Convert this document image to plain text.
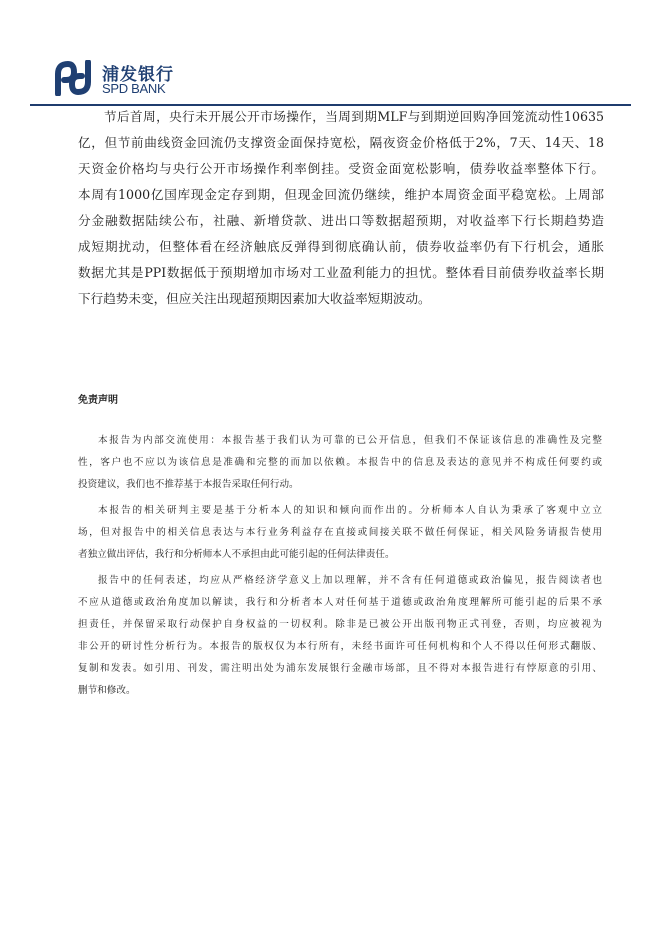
浦发银行
SPD BANK
节后首周，央行未开展公开市场操作，当周到期MLF与到期逆回购净回笼流动性10635
亿，但节前曲线资金回流仍支撑资金面保持宽松，隔夜资金价格低于2%，7天、14天、18
天资金价格均与央行公开市场操作利率倒挂。受资金面宽松影响，债券收益率整体下行。
本周有1000亿国库现金定存到期，但现金回流仍继续，维护本周资金面平稳宽松。上周部
分金融数据陆续公布，社融、新增贷款、进出口等数据超预期，对收益率下行长期趋势造
成短期扰动，但整体看在经济触底反弹得到彻底确认前，债券收益率仍有下行机会，通胀
数据尤其是PPI数据低于预期增加市场对工业盈利能力的担忧。整体看目前债券收益率长期
下行趋势未变，但应关注出现超预期因素加大收益率短期波动。
免责声明
本报告为内部交流使用：本报告基于我们认为可靠的已公开信息，但我们不保证该信息的准确性及完整
性，客户也不应以为该信息是准确和完整的而加以依赖。本报告中的信息及表达的意见并不构成任何要约或
投资建议，我们也不推荐基于本报告采取任何行动。
本报告的相关研判主要是基于分析本人的知识和倾向而作出的。分析师本人自认为秉承了客观中立立
场，但对报告中的相关信息表达与本行业务利益存在直接或间接关联不做任何保证，相关风险务请报告使用
者独立做出评估，我行和分析师本人不承担由此可能引起的任何法律责任。
报告中的任何表述，均应从严格经济学意义上加以理解，并不含有任何道德或政治偏见，报告阅读者也
不应从道德或政治角度加以解读，我行和分析者本人对任何基于道德或政治角度理解所可能引起的后果不承
担责任，并保留采取行动保护自身权益的一切权利。除非是已被公开出版刊物正式刊登，否则，均应被视为
非公开的研讨性分析行为。本报告的版权仅为本行所有，未经书面许可任何机构和个人不得以任何形式翻版、
复制和发表。如引用、刊发，需注明出处为浦东发展银行金融市场部，且不得对本报告进行有悖原意的引用、
删节和修改。
